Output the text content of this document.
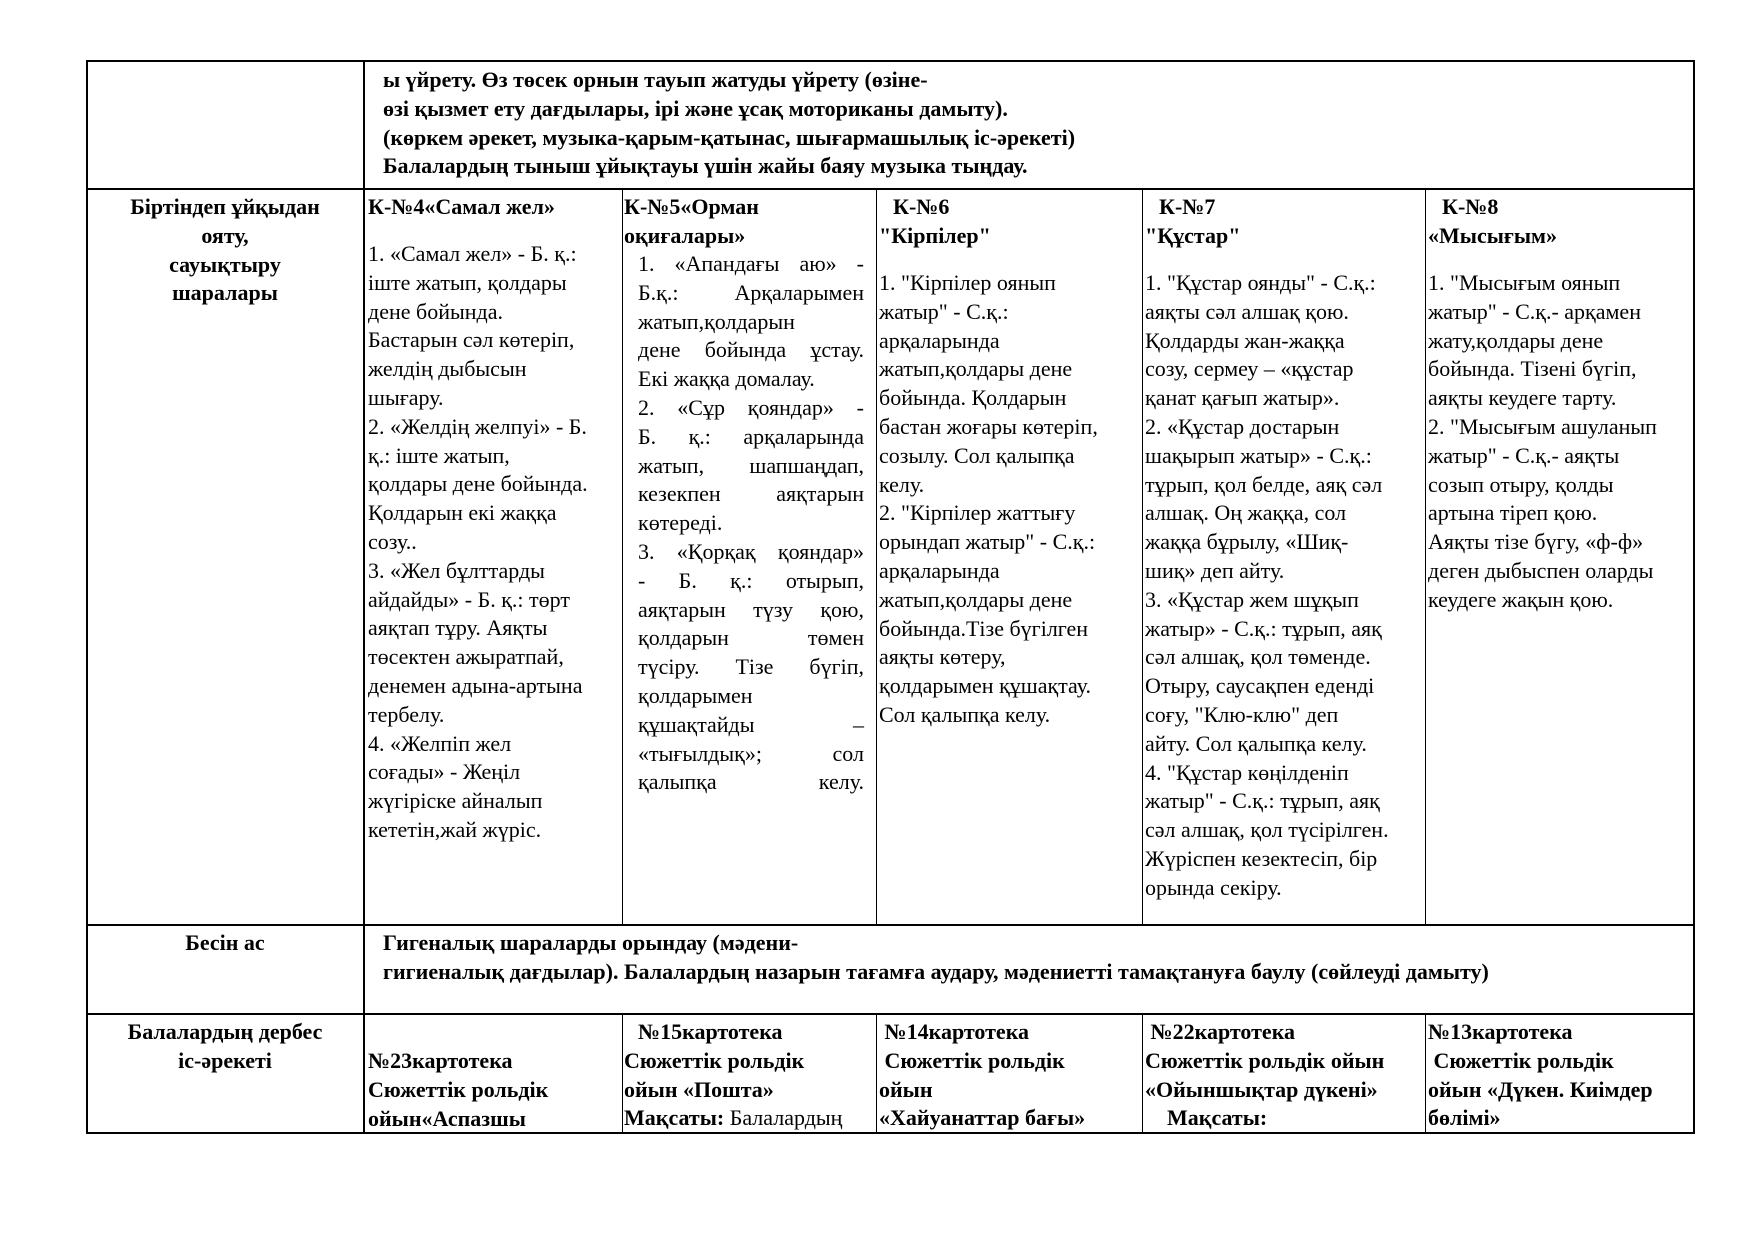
ы үйрету. Өз төсек орнын тауып жатуды үйрету (өзіне-
өзі қызмет ету дағдылары, ірі және ұсақ моториканы дамыту).
(көркем әрекет, музыка-қарым-қатынас, шығармашылық іс-әрекеті)
Балалардың тыныш ұйықтауы үшін жайы баяу музыка тыңдау.
Біртіндеп ұйқыдан
ояту,
сауықтыру
шаралары
К-№4«Самал жел»
1. «Самал жел» - Б. қ.:
іште жатып, қолдары
дене бойында.
Бастарын сәл көтеріп,
желдің дыбысын
шығару.
2. «Желдің желпуі» - Б.
қ.: іште жатып,
қолдары дене бойында.
Қолдарын екі жаққа
созу..
3. «Жел бұлттарды
айдайды» - Б. қ.: төрт
аяқтап тұру. Аяқты
төсектен ажыратпай,
денемен адына-артына
тербелу.
4. «Желпіп жел
соғады» - Жеңіл
жүгіріске айналып
кететін,жай жүріс.
К-№5«Орман
оқиғалары»
1. «Апандағы аю» -
Б.қ.: Арқаларымен
жатып,қолдарын
дене бойында ұстау.
Екі жаққа домалау.
2. «Сұр қояндар» -
Б. қ.: арқаларында
жатып, шапшаңдап,
кезекпен аяқтарын
көтереді.
3. «Қорқақ қояндар»
- Б. қ.: отырып,
аяқтарын түзу қою,
қолдарын төмен
түсіру. Тізе бүгіп,
қолдарымен
құшақтайды –
«тығылдық»; сол
қалыпқа келу.
К-№6
"Кірпілер"
1. "Кірпілер оянып
жатыр" - С.қ.:
арқаларында
жатып,қолдары дене
бойында. Қолдарын
бастан жоғары көтеріп,
созылу. Сол қалыпқа
келу.
2. "Кірпілер жаттығу
орындап жатыр" - С.қ.:
арқаларында
жатып,қолдары дене
бойында.Тізе бүгілген
аяқты көтеру,
қолдарымен құшақтау.
Сол қалыпқа келу.
К-№7
"Құстар"
1. "Құстар оянды" - С.қ.:
аяқты сәл алшақ қою.
Қолдарды жан-жаққа
созу, сермеу – «құстар
қанат қағып жатыр».
2. «Құстар достарын
шақырып жатыр» - С.қ.:
тұрып, қол белде, аяқ сәл
алшақ. Оң жаққа, сол
жаққа бұрылу, «Шиқ-
шиқ» деп айту.
3. «Құстар жем шұқып
жатыр» - С.қ.: тұрып, аяқ
сәл алшақ, қол төменде.
Отыру, саусақпен еденді
соғу, "Клю-клю" деп
айту. Сол қалыпқа келу.
4. "Құстар көңілденіп
жатыр" - С.қ.: тұрып, аяқ
сәл алшақ, қол түсірілген.
Жүріспен кезектесіп, бір
орында секіру.
К-№8
«Мысығым»
1. "Мысығым оянып
жатыр" - С.қ.- арқамен
жату,қолдары дене
бойында. Тізені бүгіп,
аяқты кеудеге тарту.
2. "Мысығым ашуланып
жатыр" - С.қ.- аяқты
созып отыру, қолды
артына тіреп қою.
Аяқты тізе бүгу, «ф-ф»
деген дыбыспен оларды
кеудеге жақын қою.
Бесін ас	Гигеналық шараларды орындау (мәдени-
гигиеналық дағдылар). Балалардың назарын тағамға аудару, мәдениетті тамақтануға баулу (сөйлеуді дамыту)
Балалардың дербес
іс-әрекеті	№23картотека
Сюжеттік рольдік
ойын«Аспазшы
№15картотека
Сюжеттік рольдік
ойын «Пошта»
Мақсаты: Балалардың
№14картотека
Сюжеттік рольдік
ойын
«Хайуанаттар бағы»
№22картотека
Сюжеттік рольдік ойын
«Ойыншықтар дүкені»
Мақсаты:
№13картотека
Сюжеттік рольдік
ойын «Дүкен. Киімдер
бөлімі»
